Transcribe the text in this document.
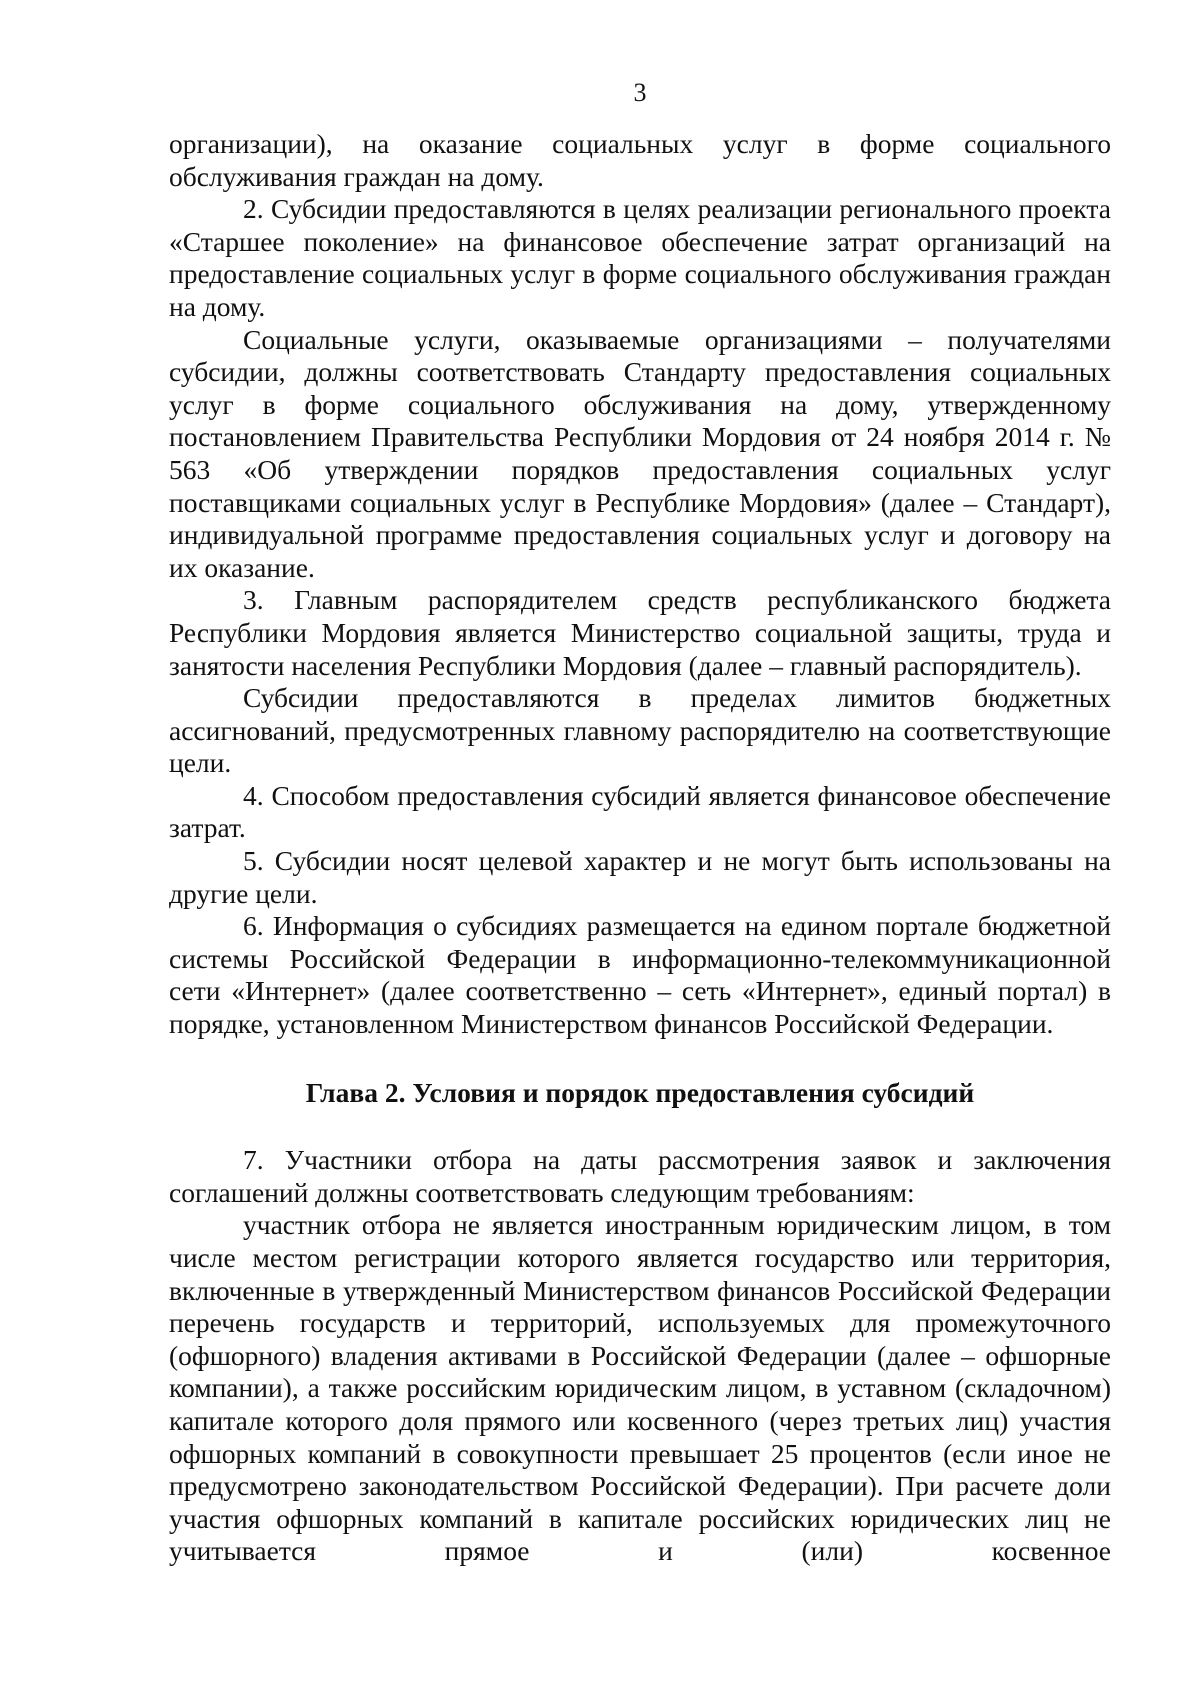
3

организации), на оказание социальных услуг в форме социального обслуживания граждан на дому.

2. Субсидии предоставляются в целях реализации регионального проекта «Старшее поколение» на финансовое обеспечение затрат организаций на предоставление социальных услуг в форме социального обслуживания граждан на дому.

Социальные услуги, оказываемые организациями – получателями субсидии, должны соответствовать Стандарту предоставления социальных услуг в форме социального обслуживания на дому, утвержденному постановлением Правительства Республики Мордовия от 24 ноября 2014 г. № 563 «Об утверждении порядков предоставления социальных услуг поставщиками социальных услуг в Республике Мордовия» (далее – Стандарт), индивидуальной программе предоставления социальных услуг и договору на их оказание.

3. Главным распорядителем средств республиканского бюджета Республики Мордовия является Министерство социальной защиты, труда и занятости населения Республики Мордовия (далее – главный распорядитель).

Субсидии предоставляются в пределах лимитов бюджетных ассигнований, предусмотренных главному распорядителю на соответствующие цели.

4. Способом предоставления субсидий является финансовое обеспечение затрат.

5. Субсидии носят целевой характер и не могут быть использованы на другие цели.

6. Информация о субсидиях размещается на едином портале бюджетной системы Российской Федерации в информационно-телекоммуникационной сети «Интернет» (далее соответственно – сеть «Интернет», единый портал) в порядке, установленном Министерством финансов Российской Федерации.

Глава 2. Условия и порядок предоставления субсидий

7. Участники отбора на даты рассмотрения заявок и заключения соглашений должны соответствовать следующим требованиям:

участник отбора не является иностранным юридическим лицом, в том числе местом регистрации которого является государство или территория, включенные в утвержденный Министерством финансов Российской Федерации перечень государств и территорий, используемых для промежуточного (офшорного) владения активами в Российской Федерации (далее – офшорные компании), а также российским юридическим лицом, в уставном (складочном) капитале которого доля прямого или косвенного (через третьих лиц) участия офшорных компаний в совокупности превышает 25 процентов (если иное не предусмотрено законодательством Российской Федерации). При расчете доли участия офшорных компаний в капитале российских юридических лиц не учитывается прямое и (или) косвенное
